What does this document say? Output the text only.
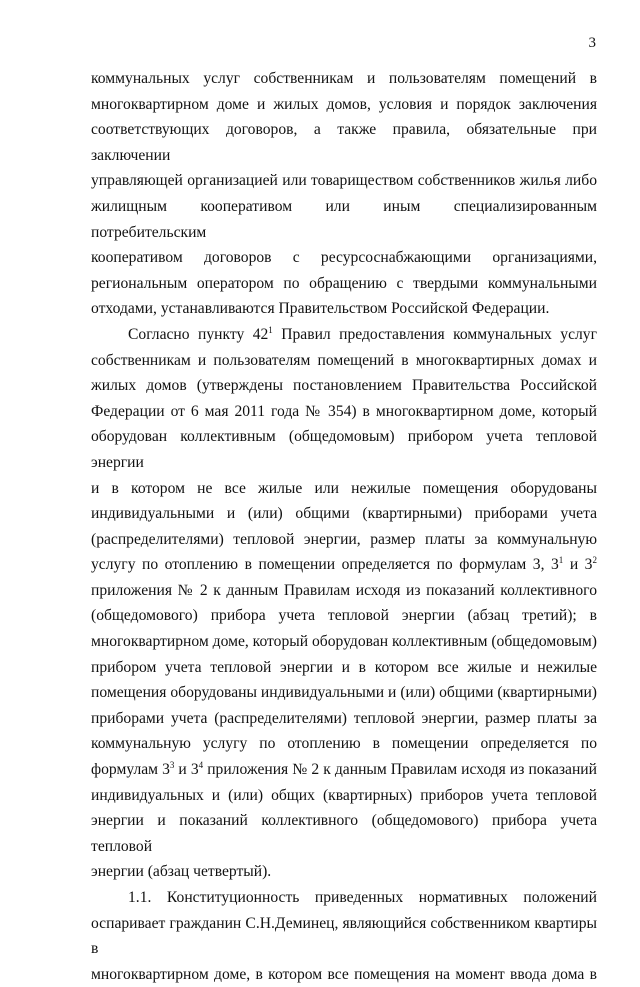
3
коммунальных услуг собственникам и пользователям помещений в
многоквартирном доме и жилых домов, условия и порядок заключения
соответствующих договоров, а также правила, обязательные при заключении
управляющей организацией или товариществом собственников жилья либо
жилищным кооперативом или иным специализированным потребительским
кооперативом договоров с ресурсоснабжающими организациями,
региональным оператором по обращению с твердыми коммунальными
отходами, устанавливаются Правительством Российской Федерации.
Согласно пункту $42^1$ Правил предоставления коммунальных услуг
собственникам и пользователям помещений в многоквартирных домах и
жилых домов (утверждены постановлением Правительства Российской
Федерации от 6 мая 2011 года № 354) в многоквартирном доме, который
оборудован коллективным (общедомовым) прибором учета тепловой энергии
и в котором не все жилые или нежилые помещения оборудованы
индивидуальными и (или) общими (квартирными) приборами учета
(распределителями) тепловой энергии, размер платы за коммунальную
услугу по отоплению в помещении определяется по формулам 3, $3^1$ и $3^2$
приложения № 2 к данным Правилам исходя из показаний коллективного
(общедомового) прибора учета тепловой энергии (абзац третий); в
многоквартирном доме, который оборудован коллективным (общедомовым)
прибором учета тепловой энергии и в котором все жилые и нежилые
помещения оборудованы индивидуальными и (или) общими (квартирными)
приборами учета (распределителями) тепловой энергии, размер платы за
коммунальную услугу по отоплению в помещении определяется по
формулам $3^3$ и $3^4$ приложения № 2 к данным Правилам исходя из показаний
индивидуальных и (или) общих (квартирных) приборов учета тепловой
энергии и показаний коллективного (общедомового) прибора учета тепловой
энергии (абзац четвертый).
1.1. Конституционность приведенных нормативных положений
оспаривает гражданин С.Н.Деминец, являющийся собственником квартиры в
многоквартирном доме, в котором все помещения на момент ввода дома в
